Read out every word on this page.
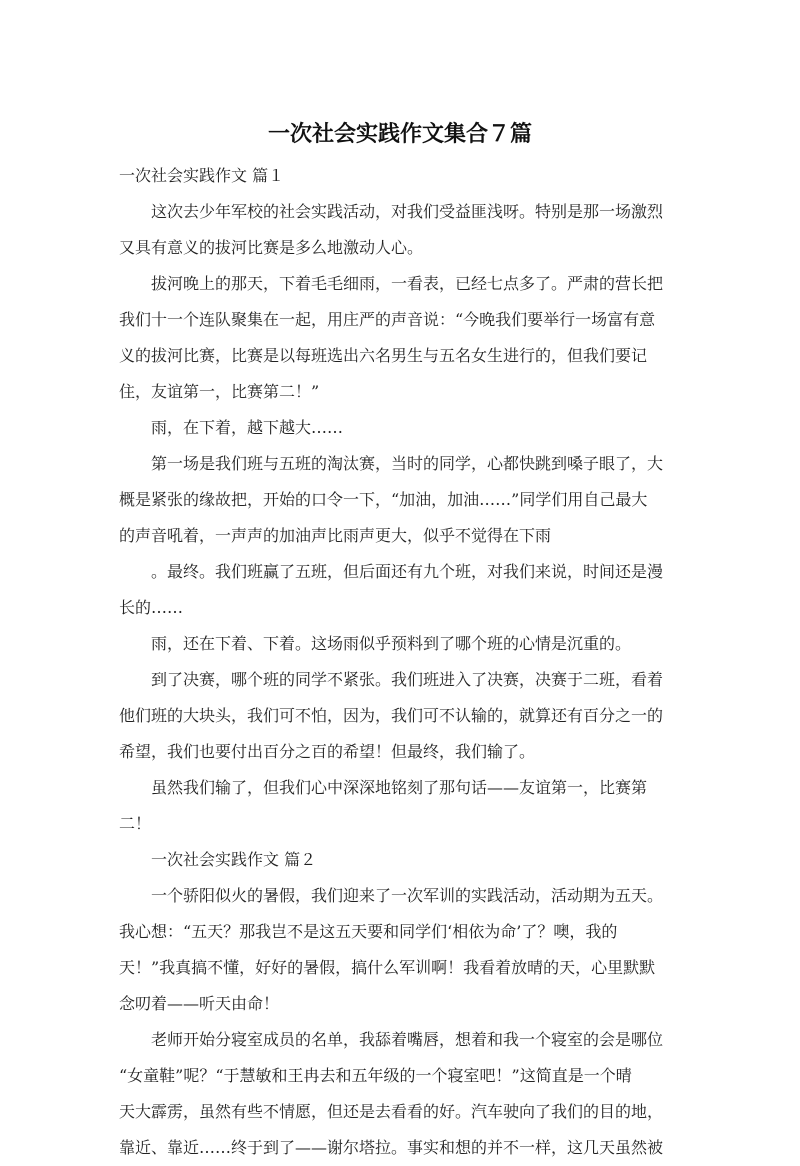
一次社会实践作文集合７篇
一次社会实践作文 篇１
这次去少年军校的社会实践活动，对我们受益匪浅呀。特别是那一场激烈
又具有意义的拔河比赛是多么地激动人心。
拔河晚上的那天，下着毛毛细雨，一看表，已经七点多了。严肃的营长把
我们十一个连队聚集在一起，用庄严的声音说：“今晚我们要举行一场富有意
义的拔河比赛，比赛是以每班选出六名男生与五名女生进行的，但我们要记
住，友谊第一，比赛第二！”
雨，在下着，越下越大……
第一场是我们班与五班的淘汰赛，当时的同学，心都快跳到嗓子眼了，大
概是紧张的缘故把，开始的口令一下，“加油，加油……”同学们用自己最大
的声音吼着，一声声的加油声比雨声更大，似乎不觉得在下雨
。最终。我们班赢了五班，但后面还有九个班，对我们来说，时间还是漫
长的……
雨，还在下着、下着。这场雨似乎预料到了哪个班的心情是沉重的。
到了决赛，哪个班的同学不紧张。我们班进入了决赛，决赛于二班，看着
他们班的大块头，我们可不怕，因为，我们可不认输的，就算还有百分之一的
希望，我们也要付出百分之百的希望！但最终，我们输了。
虽然我们输了，但我们心中深深地铭刻了那句话——友谊第一，比赛第
二！
一次社会实践作文 篇２
一个骄阳似火的暑假，我们迎来了一次军训的实践活动，活动期为五天。
我心想：“五天？那我岂不是这五天要和同学们‘相依为命’了？噢，我的
天！”我真搞不懂，好好的暑假，搞什么军训啊！我看着放晴的天，心里默默
念叨着——听天由命！
老师开始分寝室成员的名单，我舔着嘴唇，想着和我一个寝室的会是哪位
“女童鞋”呢？“于慧敏和王冉去和五年级的一个寝室吧！”这简直是一个晴
天大霹雳，虽然有些不情愿，但还是去看看的好。汽车驶向了我们的目的地，
靠近、靠近……终于到了——谢尔塔拉。事实和想的并不一样，这几天虽然被
